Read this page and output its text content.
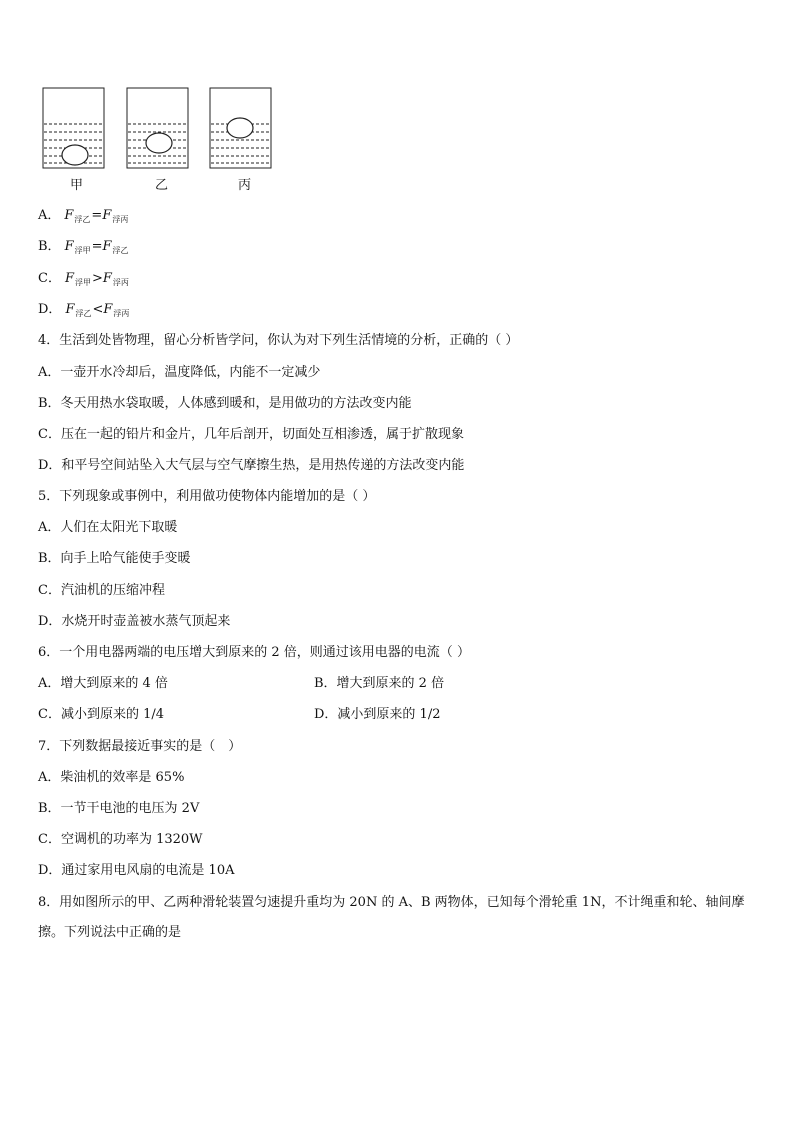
甲	乙	丙
A． $F_{浮乙}=F_{浮丙}$
B． $F_{浮甲}=F_{浮乙}$
C． $F_{浮甲}>F_{浮丙}$
D． $F_{浮乙}<F_{浮丙}$
4．生活到处皆物理，留心分析皆学问，你认为对下列生活情境的分析，正确的（ ）
A．一壶开水冷却后，温度降低，内能不一定减少
B．冬天用热水袋取暖，人体感到暖和，是用做功的方法改变内能
C．压在一起的铅片和金片，几年后剖开，切面处互相渗透，属于扩散现象
D．和平号空间站坠入大气层与空气摩擦生热，是用热传递的方法改变内能
5．下列现象或事例中，利用做功使物体内能增加的是（ ）
A．人们在太阳光下取暖
B．向手上哈气能使手变暖
C．汽油机的压缩冲程
D．水烧开时壶盖被水蒸气顶起来
6．一个用电器两端的电压增大到原来的 2 倍，则通过该用电器的电流（ ）
A．增大到原来的 4 倍	B．增大到原来的 2 倍
C．减小到原来的 1/4	D．减小到原来的 1/2
7．下列数据最接近事实的是（　）
A．柴油机的效率是 65%
B．一节干电池的电压为 2V
C．空调机的功率为 1320W
D．通过家用电风扇的电流是 10A
8．用如图所示的甲、乙两种滑轮装置匀速提升重均为 20N 的 A、B 两物体，已知每个滑轮重 1N，不计绳重和轮、轴间摩擦。下列说法中正确的是
